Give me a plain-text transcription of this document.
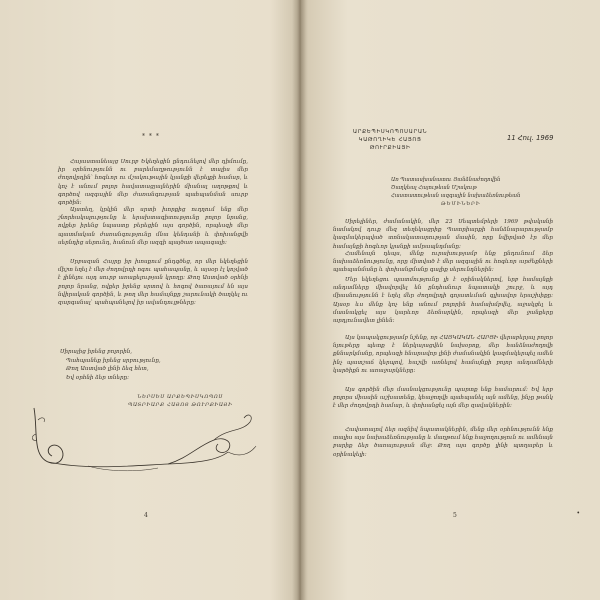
* * *

Հայաստանեայց Սուրբ Եկեղեցին ընդունելով մեր դիմումը, իր օրհնությունն ու բարեմաղթությունն է տալիս մեր ժողովրդին՝ հոգևոր ու մշակութային կյանքի վերելքի համար, և կոչ է անում բոլոր հավատացյալներին միանալ աղոթքով և գործով ազգային մեր ժառանգության պահպանման սուրբ գործին։

Այստեղ, կրկին մեր սրտի խորքից ուղղում ենք մեր շնորհակալությունը և երախտագիտությունը բոլոր նրանց, ովքեր իրենց նպաստը բերեցին այս գործին, որպեսզի մեր պատմական ժառանգությունը մնա կենդանի և փոխանցվի սերնդից սերունդ, հանուն մեր ազգի պայծառ ապագայի։

Սրբազան Հայրը իր խոսքում ընդգծեց, որ մեր եկեղեցին միշտ եղել է մեր ժողովրդի ոգու պահապանը, և այսօր էլ կոչված է լինելու այդ սուրբ առաքելության կրողը։ Թող Աստված օրհնի բոլոր նրանց, ովքեր իրենց սրտով և հոգով ծառայում են այս նվիրական գործին, և թող մեր համայնքը շարունակի ծաղկել ու զարգանալ՝ պահպանելով իր ավանդույթները։

Սիրայից իրենց բոլորին,
Պահպանեք իրենց սրբությունը,
Թող Աստված լինի ձեզ հետ,
Եվ օրհնի ձեր տները:
ՆԵՐՍԵՍ ԱՐՔԵՊԻՍԿՈՊՈՍ
ՊԱՏՐԻԱՐՔ ՀԱՅՈՑ ԹՈՒՐՔԻԱՅԻ
4
ԱՐՔԵՊԻՍԿՈՊՈՍԱՐԱՆ
ԿԱԹՈՂԻԿԵ ՀԱՅՈՑ
ԹՈՒՐՔԻԱՅԻ
11 Հուլ. 1969
Առ Պատասխանատու Յանձնաժողովին
Ծաղկեալ Հայութեան Մշակութ
Հաստատութեան ազգային նախաձեռնութեան
ԹԵՄԻՆԵՐԻ

Սիրելիներ, ժամանակին, մեր 23 Սեպտեմբերի 1969 թվականի նամակով դուք մեզ տեղեկացրիք Պատրիարքի հանձնարարությամբ կազմակերպված տոնակատարության մասին, որը նվիրված էր մեր համայնքի հոգևոր կյանքի ամրապնդմանը։

Համենայն դեպս, մենք ուրախությամբ ենք ընդունում ձեր նախաձեռնությունը, որը միտված է մեր ազգային ու հոգևոր արժեքների պահպանմանը և փոխանցմանը գալիք սերունդներին։

Մեր եկեղեցու պատմությունը լի է օրինակներով, երբ համայնքի անդամները միավորվել են ընդհանուր նպատակի շուրջ, և այդ միասնությունն է եղել մեր ժողովրդի գոյատևման գլխավոր երաշխիքը։ Այսօր ևս մենք կոչ ենք անում բոլորին համախմբվել, աջակցել և մասնակցել այս կարևոր ձեռնարկին, որպեսզի մեր ջանքերը արդյունավետ լինեն։

Այս կապակցությամբ նշենք, որ ՀԱՅԿԱԿԱՆ ՀԱՐՑԻ վերաբերյալ բոլոր նյութերը պետք է ներկայացվեն նախօրոք, մեր հանձնաժողովի քննարկմանը, որպեսզի հնարավոր լինի ժամանակին կազմակերպել ամեն ինչ պատշաճ կերպով, հաշվի առնելով համայնքի բոլոր անդամների կարծիքն ու առաջարկները։

Այս գործին մեր մասնակցությունը պարտք ենք համարում։ Եվ երբ բոլորս միասին աշխատենք, կհաջողվի պահպանել այն ամենը, ինչը թանկ է մեր ժողովրդի համար, և փոխանցել այն մեր զավակներին։

Հավատալով ձեր ազնիվ նպատակներին, մենք մեր օրհնությունն ենք տալիս այս նախաձեռնությանը և մաղթում ենք հաջողություն ու ամենայն բարիք ձեր ծառայության մեջ։ Թող այս գործը լինի պտղաբեր և օրինակելի։

5	•
